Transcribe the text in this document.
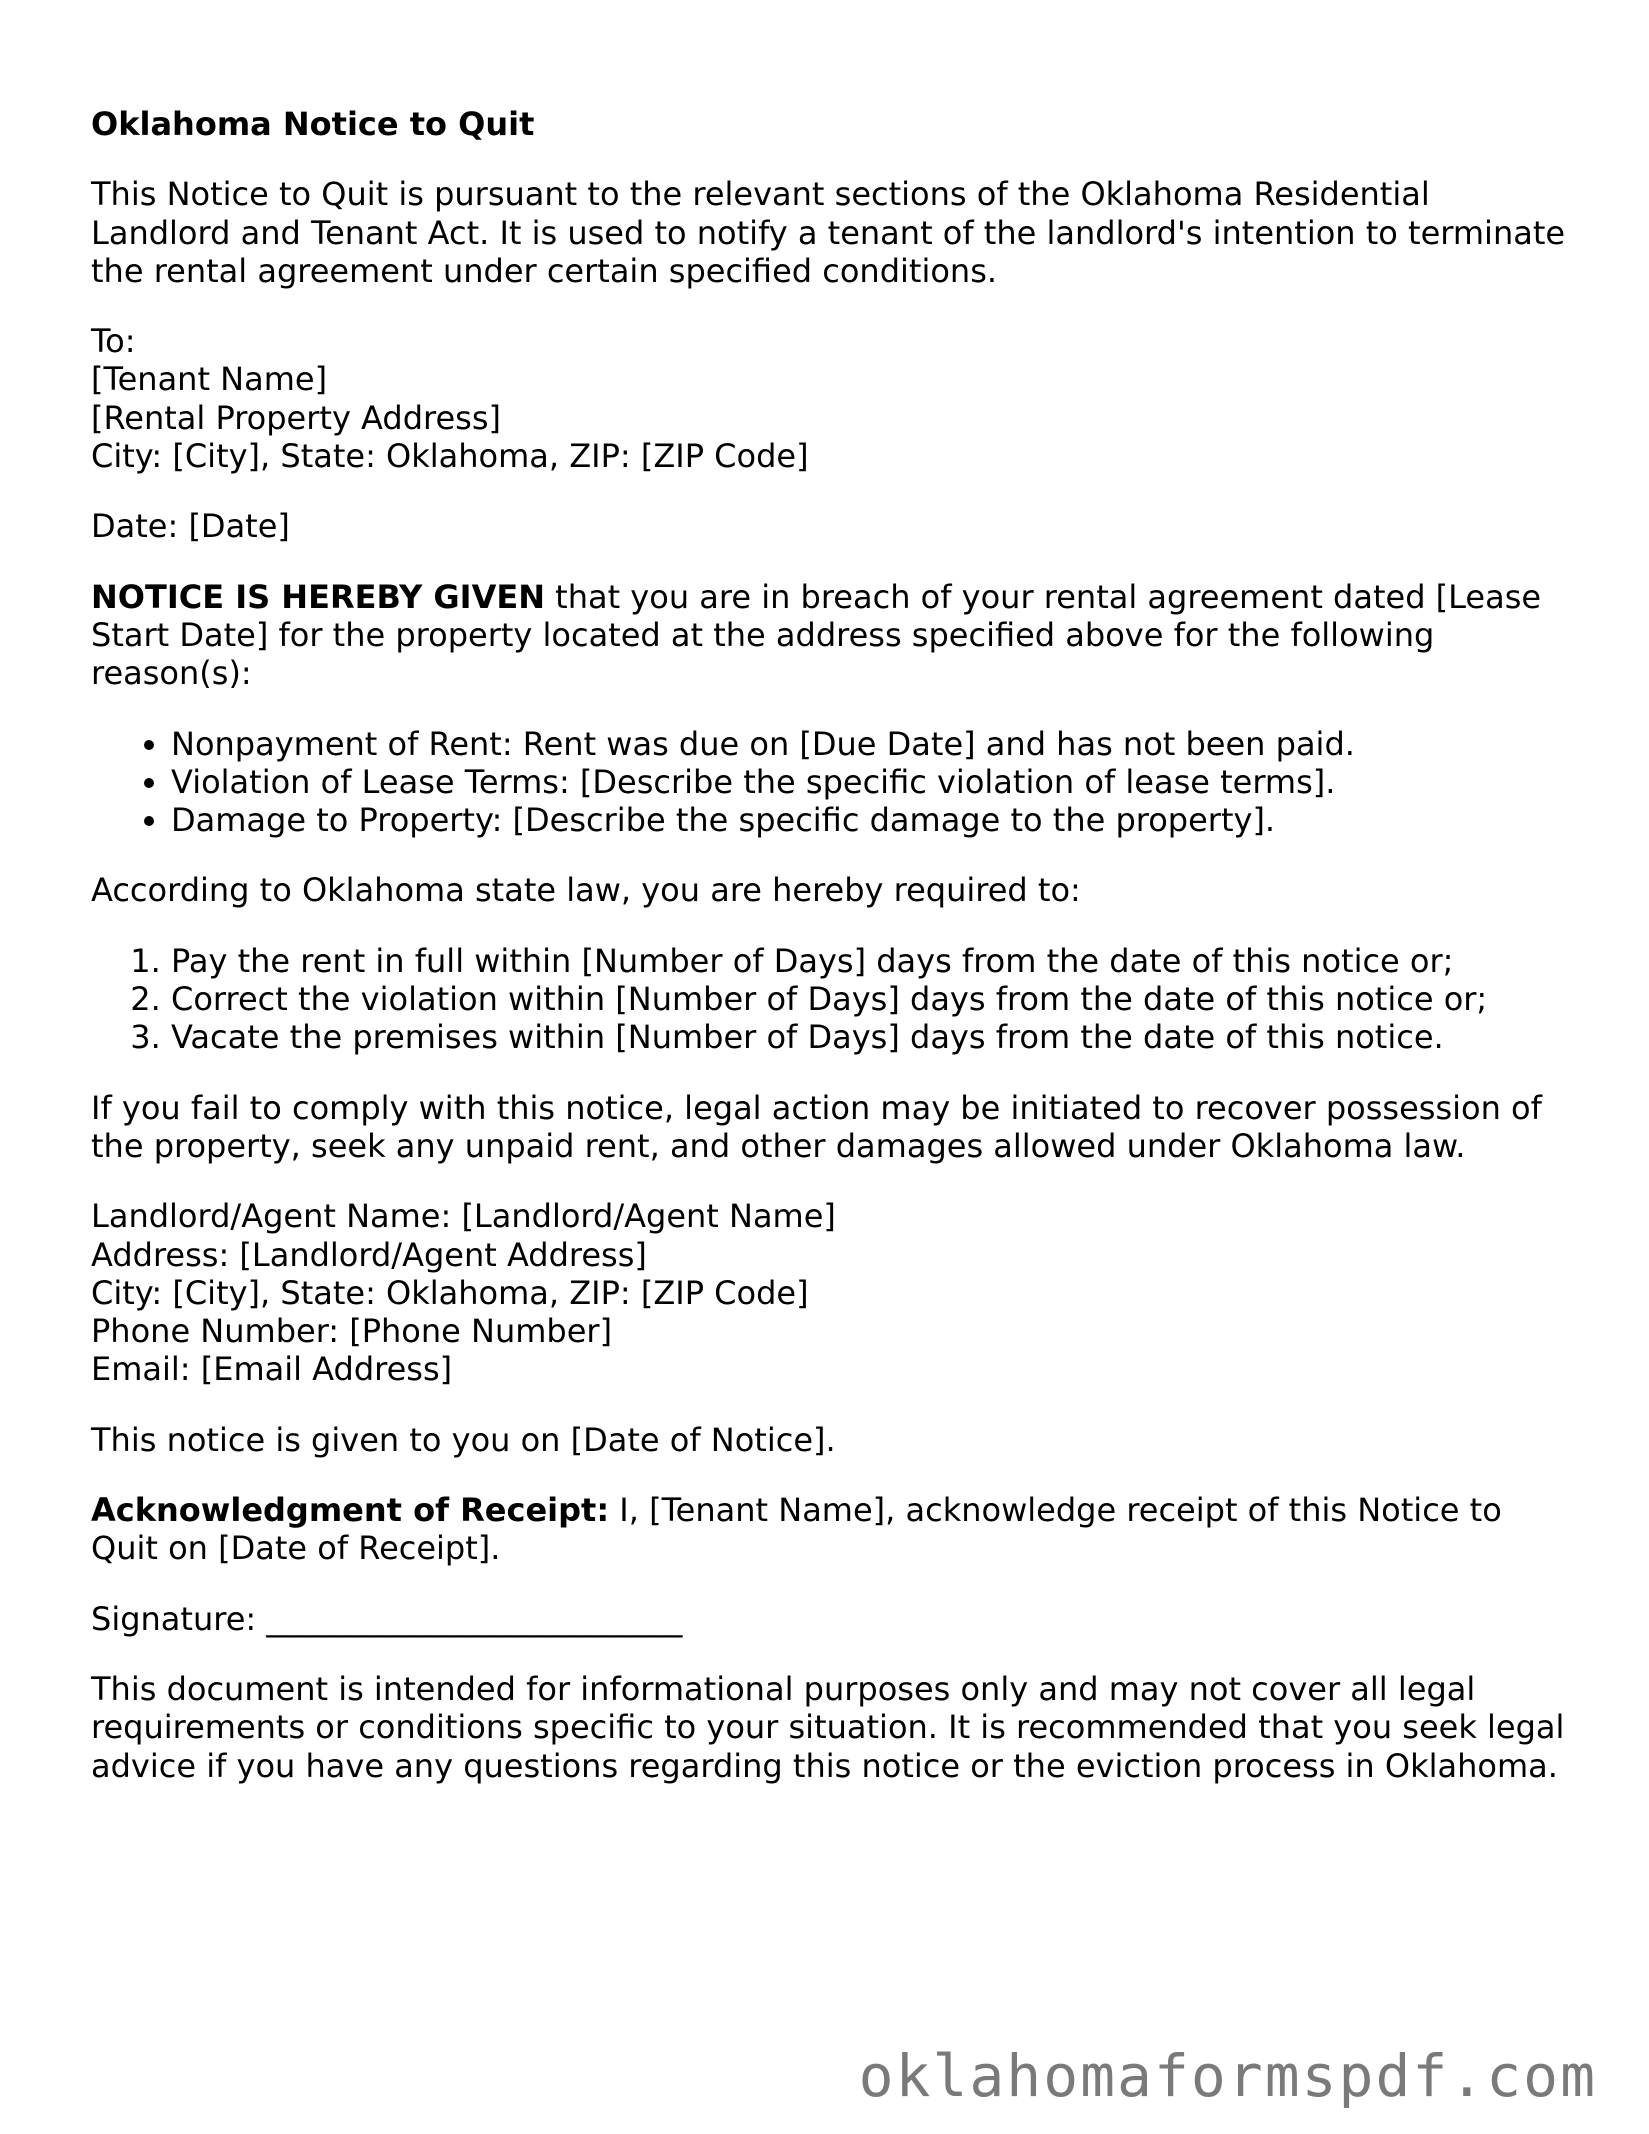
Oklahoma Notice to Quit

This Notice to Quit is pursuant to the relevant sections of the Oklahoma Residential Landlord and Tenant Act. It is used to notify a tenant of the landlord's intention to terminate the rental agreement under certain specified conditions.

To:
[Tenant Name]
[Rental Property Address]
City: [City], State: Oklahoma, ZIP: [ZIP Code]

Date: [Date]

NOTICE IS HEREBY GIVEN that you are in breach of your rental agreement dated [Lease Start Date] for the property located at the address specified above for the following reason(s):

• Nonpayment of Rent: Rent was due on [Due Date] and has not been paid.
• Violation of Lease Terms: [Describe the specific violation of lease terms].
• Damage to Property: [Describe the specific damage to the property].

According to Oklahoma state law, you are hereby required to:

1. Pay the rent in full within [Number of Days] days from the date of this notice or;
2. Correct the violation within [Number of Days] days from the date of this notice or;
3. Vacate the premises within [Number of Days] days from the date of this notice.

If you fail to comply with this notice, legal action may be initiated to recover possession of the property, seek any unpaid rent, and other damages allowed under Oklahoma law.

Landlord/Agent Name: [Landlord/Agent Name]
Address: [Landlord/Agent Address]
City: [City], State: Oklahoma, ZIP: [ZIP Code]
Phone Number: [Phone Number]
Email: [Email Address]

This notice is given to you on [Date of Notice].

Acknowledgment of Receipt: I, [Tenant Name], acknowledge receipt of this Notice to Quit on [Date of Receipt].

Signature: __________________________

This document is intended for informational purposes only and may not cover all legal requirements or conditions specific to your situation. It is recommended that you seek legal advice if you have any questions regarding this notice or the eviction process in Oklahoma.

oklahomaformspdf.com
